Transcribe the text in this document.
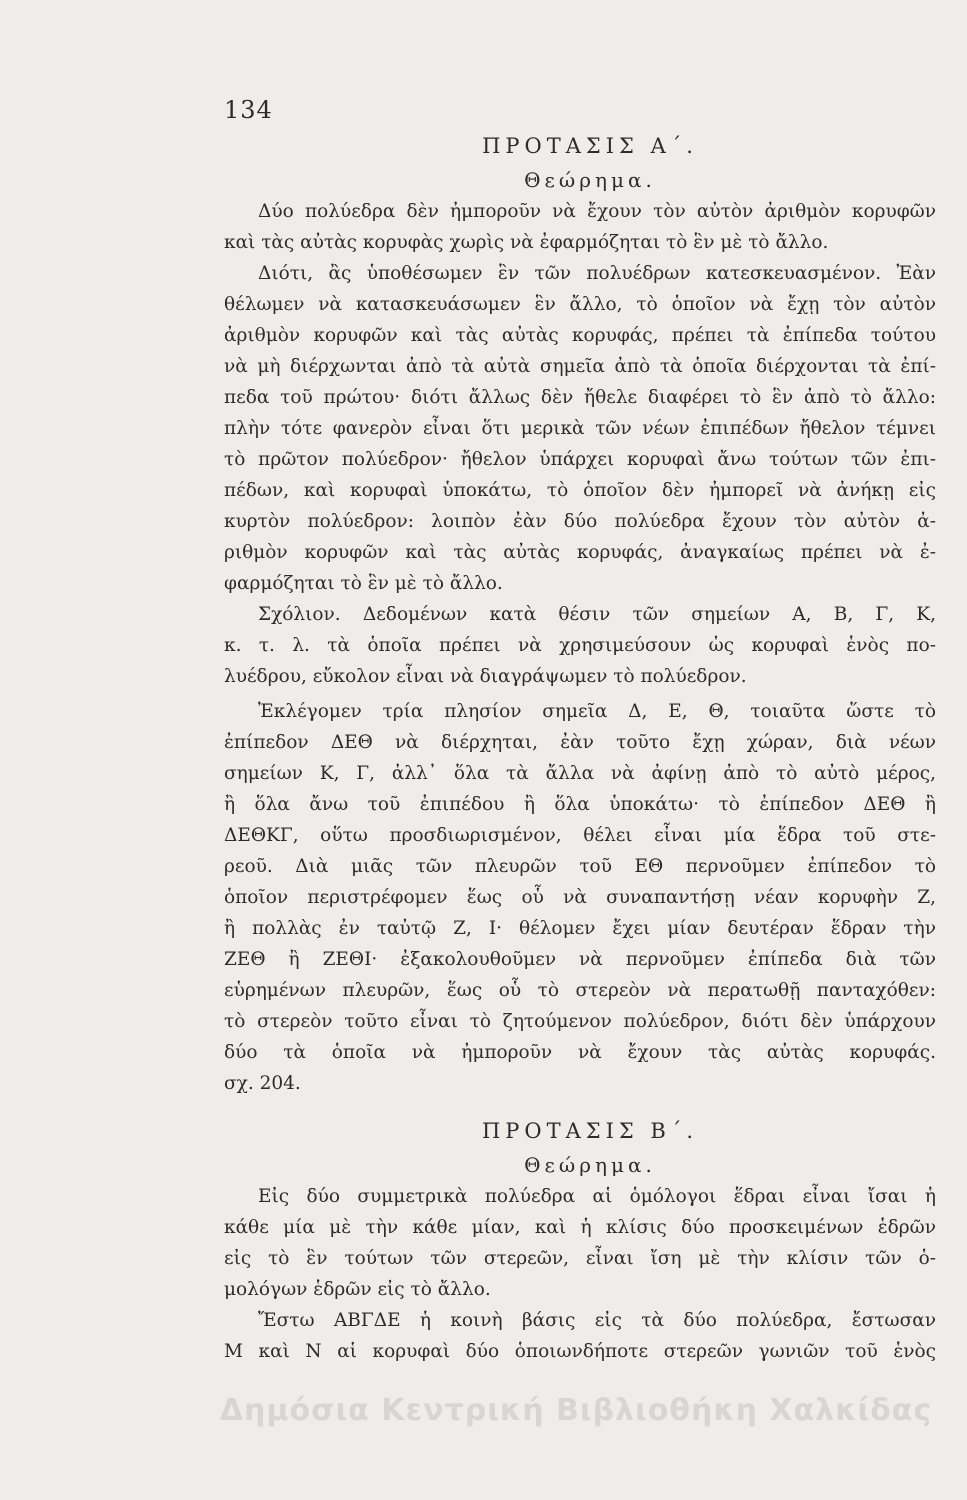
134
ΠΡΟΤΑΣΙΣ Α΄.
Θεώρημα.
Δύο πολύεδρα δὲν ἠμποροῦν νὰ ἔχουν τὸν αὐτὸν ἀριθμὸν κορυφῶν
καὶ τὰς αὐτὰς κορυφὰς χωρὶς νὰ ἐφαρμόζηται τὸ ἓν μὲ τὸ ἄλλο.
Διότι, ἂς ὑποθέσωμεν ἓν τῶν πολυέδρων κατεσκευασμένον. Ἐὰν
θέλωμεν νὰ κατασκευάσωμεν ἓν ἄλλο, τὸ ὁποῖον νὰ ἔχῃ τὸν αὐτὸν
ἀριθμὸν κορυφῶν καὶ τὰς αὐτὰς κορυφάς, πρέπει τὰ ἐπίπεδα τούτου
νὰ μὴ διέρχωνται ἀπὸ τὰ αὐτὰ σημεῖα ἀπὸ τὰ ὁποῖα διέρχονται τὰ ἐπί-
πεδα τοῦ πρώτου· διότι ἄλλως δὲν ἤθελε διαφέρει τὸ ἓν ἀπὸ τὸ ἄλλο:
πλὴν τότε φανερὸν εἶναι ὅτι μερικὰ τῶν νέων ἐπιπέδων ἤθελον τέμνει
τὸ πρῶτον πολύεδρον· ἤθελον ὑπάρχει κορυφαὶ ἄνω τούτων τῶν ἐπι-
πέδων, καὶ κορυφαὶ ὑποκάτω, τὸ ὁποῖον δὲν ἠμπορεῖ νὰ ἀνήκῃ εἰς
κυρτὸν πολύεδρον: λοιπὸν ἐὰν δύο πολύεδρα ἔχουν τὸν αὐτὸν ἀ-
ριθμὸν κορυφῶν καὶ τὰς αὐτὰς κορυφάς, ἀναγκαίως πρέπει νὰ ἐ-
φαρμόζηται τὸ ἓν μὲ τὸ ἄλλο.
Σχόλιον. Δεδομένων κατὰ θέσιν τῶν σημείων Α, Β, Γ, Κ,
κ. τ. λ. τὰ ὁποῖα πρέπει νὰ χρησιμεύσουν ὡς κορυφαὶ ἑνὸς πο-
λυέδρου, εὔκολον εἶναι νὰ διαγράψωμεν τὸ πολύεδρον.
Ἐκλέγομεν τρία πλησίον σημεῖα Δ, Ε, Θ, τοιαῦτα ὥστε τὸ
ἐπίπεδον ΔΕΘ νὰ διέρχηται, ἐὰν τοῦτο ἔχῃ χώραν, διὰ νέων
σημείων Κ, Γ, ἀλλ᾽ ὅλα τὰ ἄλλα νὰ ἀφίνῃ ἀπὸ τὸ αὐτὸ μέρος,
ἢ ὅλα ἄνω τοῦ ἐπιπέδου ἢ ὅλα ὑποκάτω· τὸ ἐπίπεδον ΔΕΘ ἢ
ΔΕΘΚΓ, οὕτω προσδιωρισμένον, θέλει εἶναι μία ἕδρα τοῦ στε-
ρεοῦ. Διὰ μιᾶς τῶν πλευρῶν τοῦ ΕΘ περνοῦμεν ἐπίπεδον τὸ
ὁποῖον περιστρέφομεν ἕως οὗ νὰ συναπαντήσῃ νέαν κορυφὴν Ζ,
ἢ πολλὰς ἐν ταὐτῷ Ζ, Ι· θέλομεν ἔχει μίαν δευτέραν ἕδραν τὴν
ΖΕΘ ἢ ΖΕΘΙ· ἐξακολουθοῦμεν νὰ περνοῦμεν ἐπίπεδα διὰ τῶν
εὑρημένων πλευρῶν, ἕως οὗ τὸ στερεὸν νὰ περατωθῇ πανταχόθεν:
τὸ στερεὸν τοῦτο εἶναι τὸ ζητούμενον πολύεδρον, διότι δὲν ὑπάρχουν
δύο τὰ ὁποῖα νὰ ἠμποροῦν νὰ ἔχουν τὰς αὐτὰς κορυφάς.
σχ. 204.
ΠΡΟΤΑΣΙΣ Β΄.
Θεώρημα.
Εἰς δύο συμμετρικὰ πολύεδρα αἱ ὁμόλογοι ἕδραι εἶναι ἴσαι ἡ
κάθε μία μὲ τὴν κάθε μίαν, καὶ ἡ κλίσις δύο προσκειμένων ἑδρῶν
εἰς τὸ ἓν τούτων τῶν στερεῶν, εἶναι ἴση μὲ τὴν κλίσιν τῶν ὁ-
μολόγων ἑδρῶν εἰς τὸ ἄλλο.
Ἔστω ΑΒΓΔΕ ἡ κοινὴ βάσις εἰς τὰ δύο πολύεδρα, ἔστωσαν
Μ καὶ Ν αἱ κορυφαὶ δύο ὁποιωνδήποτε στερεῶν γωνιῶν τοῦ ἑνὸς
Δημόσια Κεντρική Βιβλιοθήκη Χαλκίδας
